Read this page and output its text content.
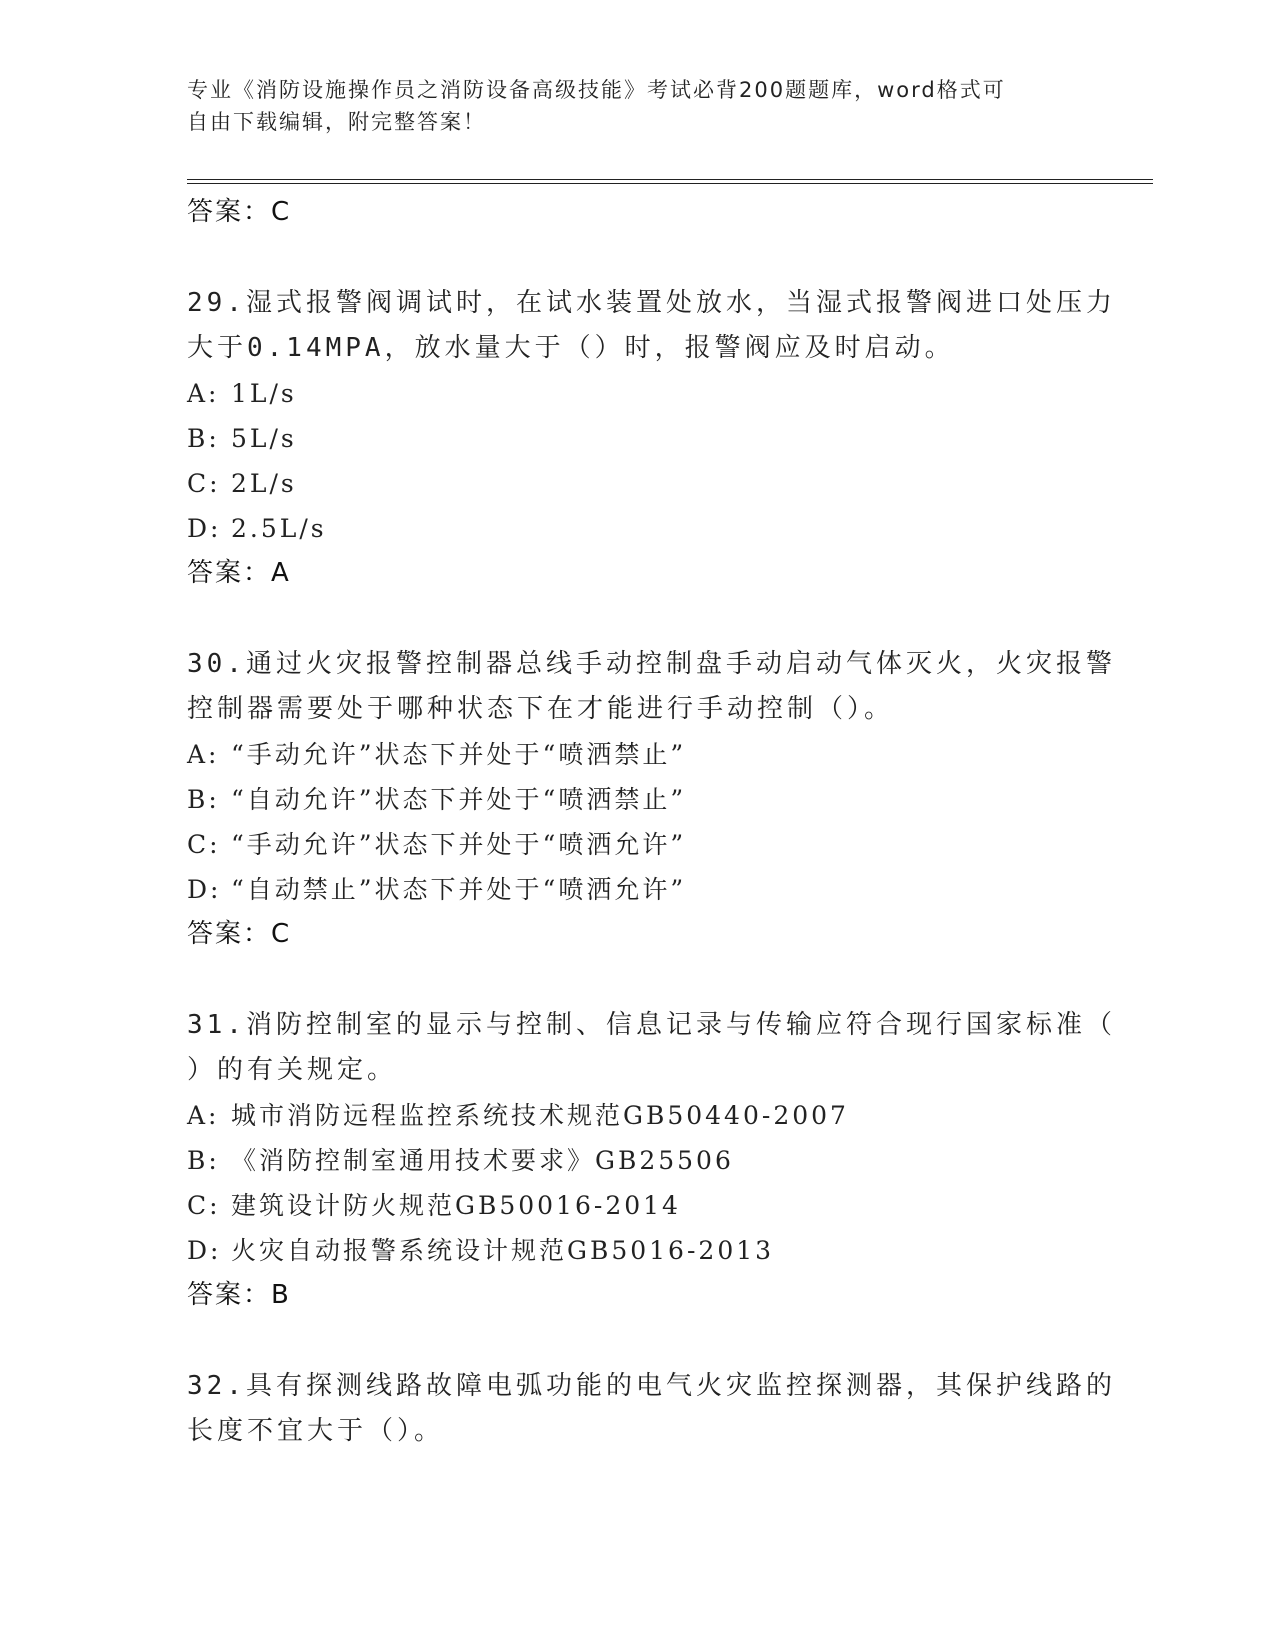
专业《消防设施操作员之消防设备高级技能》考试必背200题题库，word格式可
自由下载编辑，附完整答案！
答案：C
29.湿式报警阀调试时，在试水装置处放水，当湿式报警阀进口处压力
大于0.14MPA，放水量大于（）时，报警阀应及时启动。
A: 1L/s
B: 5L/s
C: 2L/s
D: 2.5L/s
答案：A
30.通过火灾报警控制器总线手动控制盘手动启动气体灭火，火灾报警
控制器需要处于哪种状态下在才能进行手动控制（）。
A: “手动允许”状态下并处于“喷洒禁止”
B: “自动允许”状态下并处于“喷洒禁止”
C: “手动允许”状态下并处于“喷洒允许”
D: “自动禁止”状态下并处于“喷洒允许”
答案：C
31.消防控制室的显示与控制、信息记录与传输应符合现行国家标准（
）的有关规定。
A: 城市消防远程监控系统技术规范GB50440-2007
B: 《消防控制室通用技术要求》GB25506
C: 建筑设计防火规范GB50016-2014
D: 火灾自动报警系统设计规范GB5016-2013
答案：B
32.具有探测线路故障电弧功能的电气火灾监控探测器，其保护线路的
长度不宜大于（）。
